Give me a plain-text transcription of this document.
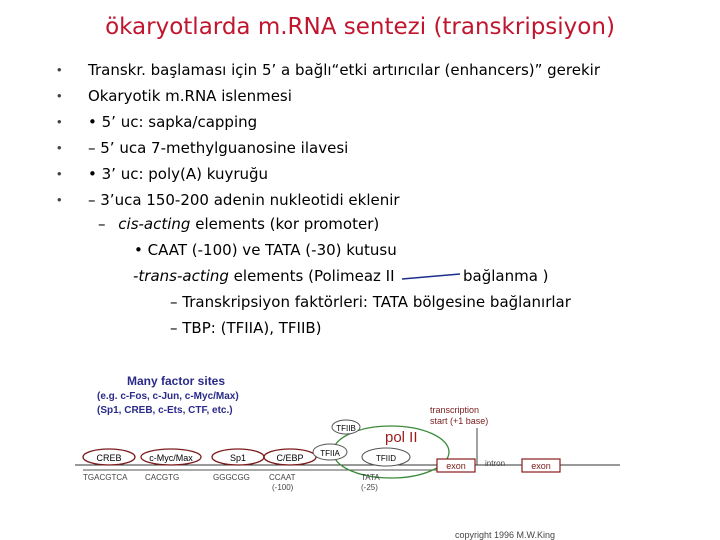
ökaryotlarda m.RNA sentezi (transkripsiyon)
•
•
•
•
•
•
Transkr. başlaması için 5’ a bağlı“etki artırıcılar (enhancers)” gerekir
Okaryotik m.RNA islenmesi
• 5’ uc: sapka/capping
– 5’ uca 7-methylguanosine ilavesi
• 3’ uc: poly(A) kuyruğu
– 3’uca 150-200 adenin nukleotidi eklenir
– cis-acting elements (kor promoter)
• CAAT (-100) ve TATA (-30) kutusu
-trans-acting elements (Polimeaz II	bağlanma )
– Transkripsiyon faktörleri: TATA bölgesine bağlanırlar
– TBP: (TFIIA), TFIIB)
Many factor sites
(e.g. c-Fos, c-Jun, c-Myc/Max)
(Sp1, CREB, c-Ets, CTF, etc.)
CREB	c-Myc/Max	Sp1	C/EBP
TFIIB
TFIIA
TFIID
pol II
transcription
start (+1 base)
exon intron	exon
TGACGTCA CACGTG	GGGCGG CCAAT
(-100)
TATA
(-25)
copyright 1996 M.W.King
